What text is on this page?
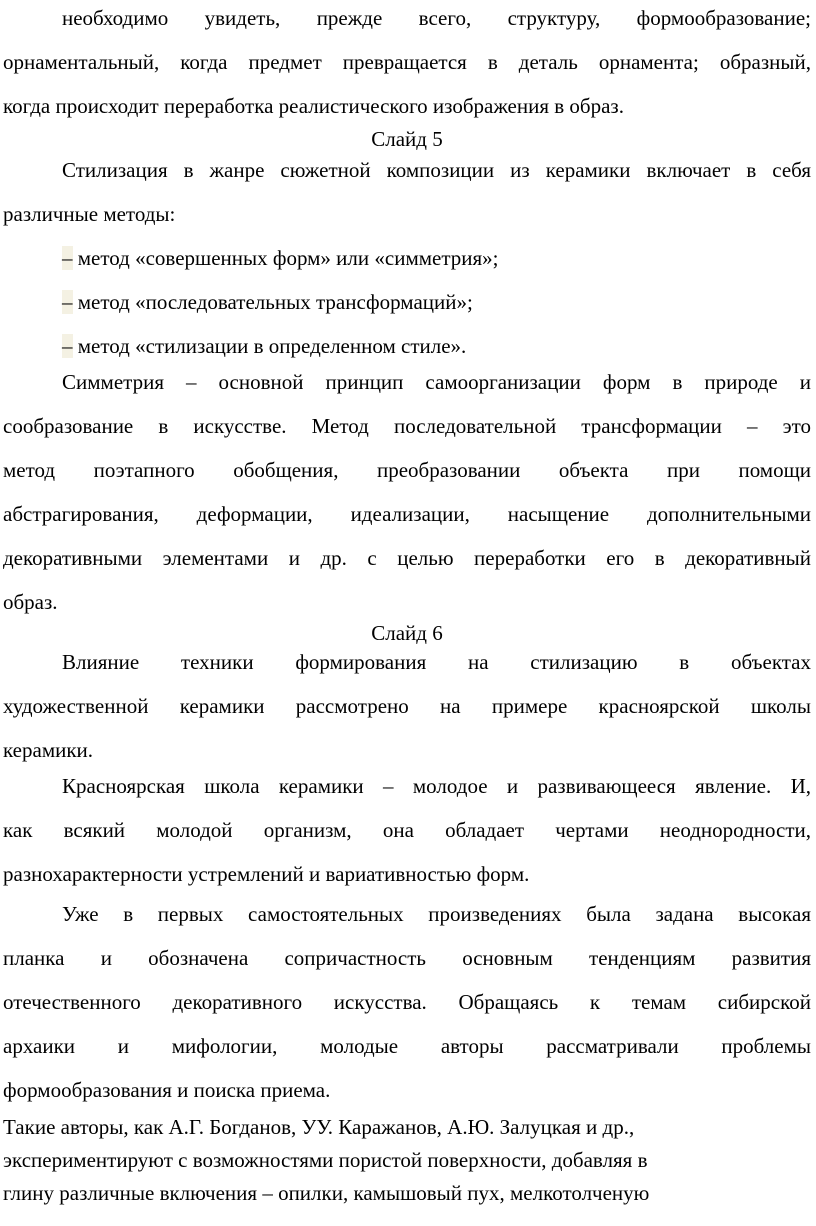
необходимо увидеть, прежде всего, структуру, формообразование;

орнаментальный, когда предмет превращается в деталь орнамента; образный,

когда происходит переработка реалистического изображения в образ.

Слайд 5

Стилизация в жанре сюжетной композиции из керамики включает в себя

различные методы:

– метод «совершенных форм» или «симметрия»;

– метод «последовательных трансформаций»;

– метод «стилизации в определенном стиле».

Симметрия – основной принцип самоорганизации форм в природе и

сообразование в искусстве. Метод последовательной трансформации – это

метод поэтапного обобщения, преобразовании объекта при помощи

абстрагирования, деформации, идеализации, насыщение дополнительными

декоративными элементами и др. с целью переработки его в декоративный

образ.

Слайд 6

Влияние техники формирования на стилизацию в объектах

художественной керамики рассмотрено на примере красноярской школы

керамики.

Красноярская школа керамики – молодое и развивающееся явление. И,

как всякий молодой организм, она обладает чертами неоднородности,

разнохарактерности устремлений и вариативностью форм.

Уже в первых самостоятельных произведениях была задана высокая

планка и обозначена сопричастность основным тенденциям развития

отечественного декоративного искусства. Обращаясь к темам сибирской

архаики и мифологии, молодые авторы рассматривали проблемы

формообразования и поиска приема.

Такие авторы, как А.Г. Богданов, УУ. Каражанов, А.Ю. Залуцкая и др.,

экспериментируют с возможностями пористой поверхности, добавляя в

глину различные включения – опилки, камышовый пух, мелкотолченую
